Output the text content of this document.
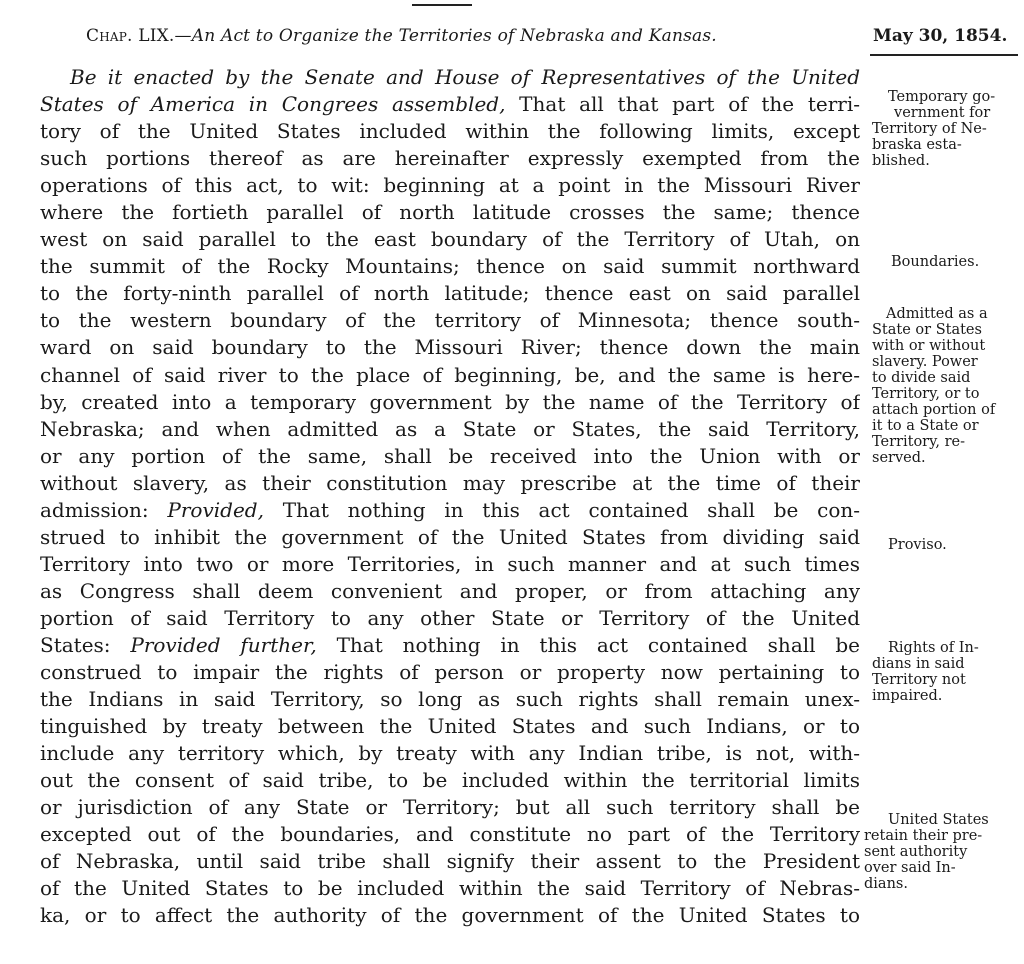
Chap. LIX.—An Act to Organize the Territories of Nebraska and Kansas.	May 30, 1854.
Be it enacted by the Senate and House of Representatives of the United
States of America in Congrees assembled, That all that part of the terri-
tory of the United States included within the following limits, except
such portions thereof as are hereinafter expressly exempted from the
operations of this act, to wit: beginning at a point in the Missouri River
where the fortieth parallel of north latitude crosses the same; thence
west on said parallel to the east boundary of the Territory of Utah, on
the summit of the Rocky Mountains; thence on said summit northward
to the forty-ninth parallel of north latitude; thence east on said parallel
to the western boundary of the territory of Minnesota; thence south-
ward on said boundary to the Missouri River; thence down the main
channel of said river to the place of beginning, be, and the same is here-
by, created into a temporary government by the name of the Territory of
Nebraska; and when admitted as a State or States, the said Territory,
or any portion of the same, shall be received into the Union with or
without slavery, as their constitution may prescribe at the time of their
admission: Provided, That nothing in this act contained shall be con-
strued to inhibit the government of the United States from dividing said
Territory into two or more Territories, in such manner and at such times
as Congress shall deem convenient and proper, or from attaching any
portion of said Territory to any other State or Territory of the United
States: Provided further, That nothing in this act contained shall be
construed to impair the rights of person or property now pertaining to
the Indians in said Territory, so long as such rights shall remain unex-
tinguished by treaty between the United States and such Indians, or to
include any territory which, by treaty with any Indian tribe, is not, with-
out the consent of said tribe, to be included within the territorial limits
or jurisdiction of any State or Territory; but all such territory shall be
excepted out of the boundaries, and constitute no part of the Territory
of Nebraska, until said tribe shall signify their assent to the President
of the United States to be included within the said Territory of Nebras-
ka, or to affect the authority of the government of the United States to
Temporary go-
vernment for
Territory of Ne-
braska esta-
blished.
Boundaries.
Admitted as a
State or States
with or without
slavery. Power
to divide said
Territory, or to
attach portion of
it to a State or
Territory, re-
served.
Proviso.
Rights of In-
dians in said
Territory not
impaired.
United States
retain their pre-
sent authority
over said In-
dians.
